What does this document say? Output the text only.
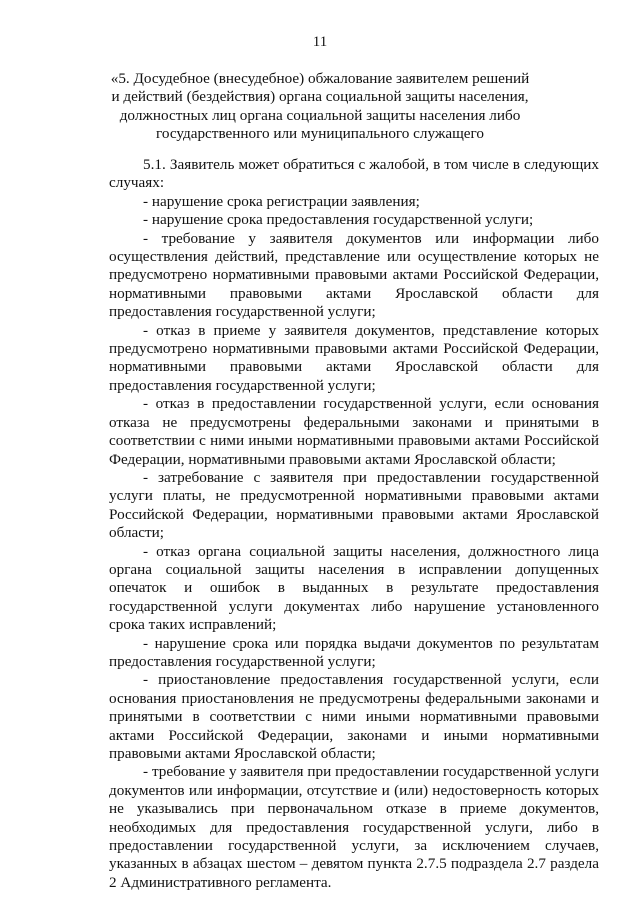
11
«5. Досудебное (внесудебное) обжалование заявителем решений и действий (бездействия) органа социальной защиты населения, должностных лиц органа социальной защиты населения либо государственного или муниципального служащего

5.1. Заявитель может обратиться с жалобой, в том числе в следующих случаях:

- нарушение срока регистрации заявления;

- нарушение срока предоставления государственной услуги;

- требование у заявителя документов или информации либо осуществления действий, представление или осуществление которых не предусмотрено нормативными правовыми актами Российской Федерации, нормативными правовыми актами Ярославской области для предоставления государственной услуги;

- отказ в приеме у заявителя документов, представление которых предусмотрено нормативными правовыми актами Российской Федерации, нормативными правовыми актами Ярославской области для предоставления государственной услуги;

- отказ в предоставлении государственной услуги, если основания отказа не предусмотрены федеральными законами и принятыми в соответствии с ними иными нормативными правовыми актами Российской Федерации, нормативными правовыми актами Ярославской области;

- затребование с заявителя при предоставлении государственной услуги платы, не предусмотренной нормативными правовыми актами Российской Федерации, нормативными правовыми актами Ярославской области;

- отказ органа социальной защиты населения, должностного лица органа социальной защиты населения в исправлении допущенных опечаток и ошибок в выданных в результате предоставления государственной услуги документах либо нарушение установленного срока таких исправлений;

- нарушение срока или порядка выдачи документов по результатам предоставления государственной услуги;

- приостановление предоставления государственной услуги, если основания приостановления не предусмотрены федеральными законами и принятыми в соответствии с ними иными нормативными правовыми актами Российской Федерации, законами и иными нормативными правовыми актами Ярославской области;

- требование у заявителя при предоставлении государственной услуги документов или информации, отсутствие и (или) недостоверность которых не указывались при первоначальном отказе в приеме документов, необходимых для предоставления государственной услуги, либо в предоставлении государственной услуги, за исключением случаев, указанных в абзацах шестом – девятом пункта 2.7.5 подраздела 2.7 раздела 2 Административного регламента.
